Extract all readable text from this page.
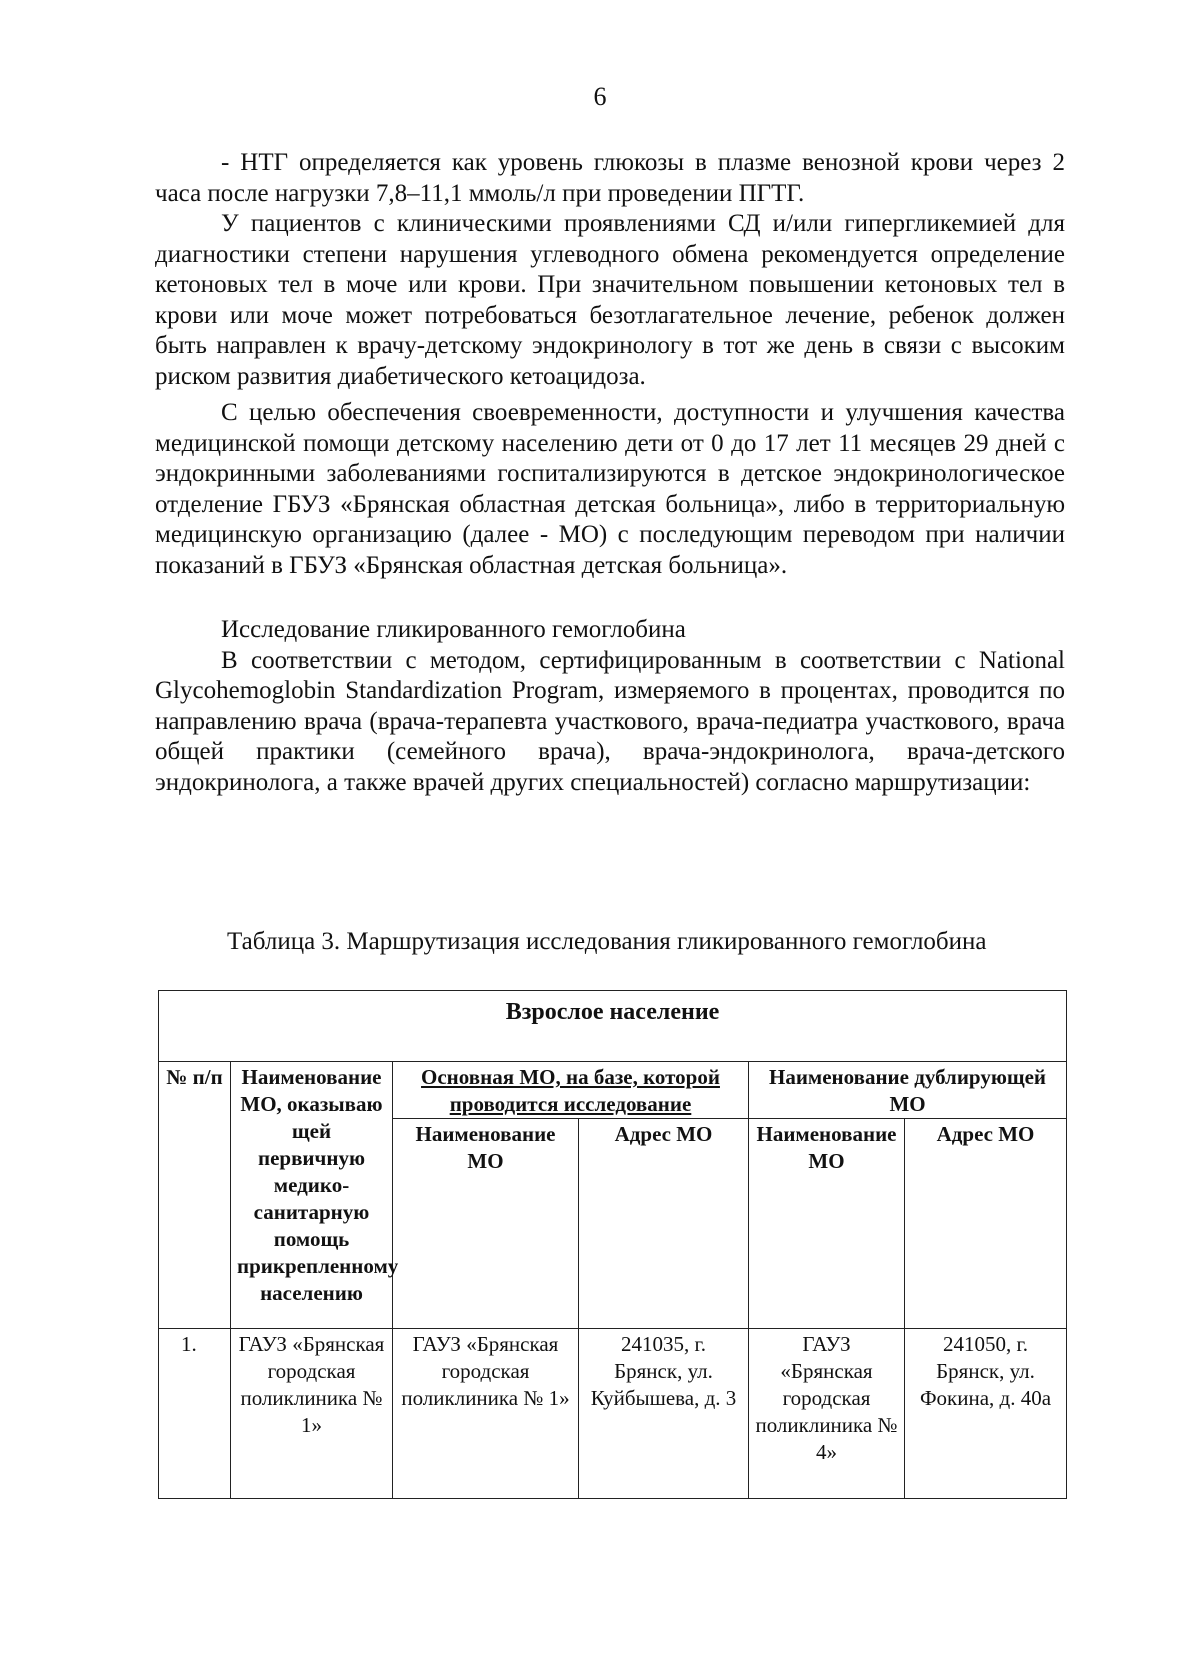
6

- НТГ определяется как уровень глюкозы в плазме венозной крови через 2 часа после нагрузки 7,8–11,1 ммоль/л при проведении ПГТГ.

У пациентов с клиническими проявлениями СД и/или гипергликемией для диагностики степени нарушения углеводного обмена рекомендуется определение кетоновых тел в моче или крови. При значительном повышении кетоновых тел в крови или моче может потребоваться безотлагательное лечение, ребенок должен быть направлен к врачу-детскому эндокринологу в тот же день в связи с высоким риском развития диабетического кетоацидоза.

С целью обеспечения своевременности, доступности и улучшения качества медицинской помощи детскому населению дети от 0 до 17 лет 11 месяцев 29 дней с эндокринными заболеваниями госпитализируются в детское эндокринологическое отделение ГБУЗ «Брянская областная детская больница», либо в территориальную медицинскую организацию (далее - МО) с последующим переводом при наличии показаний в ГБУЗ «Брянская областная детская больница».

Исследование гликированного гемоглобина

В соответствии с методом, сертифицированным в соответствии с National Glycohemoglobin Standardization Program, измеряемого в процентах, проводится по направлению врача (врача-терапевта участкового, врача-педиатра участкового, врача общей практики (семейного врача), врача-эндокринолога, врача-детского эндокринолога, а также врачей других специальностей) согласно маршрутизации:

Таблица 3. Маршрутизация исследования гликированного гемоглобина
Взрослое население					
№ п/п	Наименование МО, оказываю щей первичную медико-санитарную помощь прикрепленному населению	Основная МО, на базе, которой проводится исследование		Наименование дублирующей МО	
		Наименование МО	Адрес МО	Наименование МО	Адрес МО
1.	ГАУЗ «Брянская городская поликлиника № 1»	ГАУЗ «Брянская городская поликлиника № 1»	241035, г. Брянск, ул. Куйбышева, д. 3	ГАУЗ «Брянская городская поликлиника № 4»	241050, г. Брянск, ул. Фокина, д. 40а
